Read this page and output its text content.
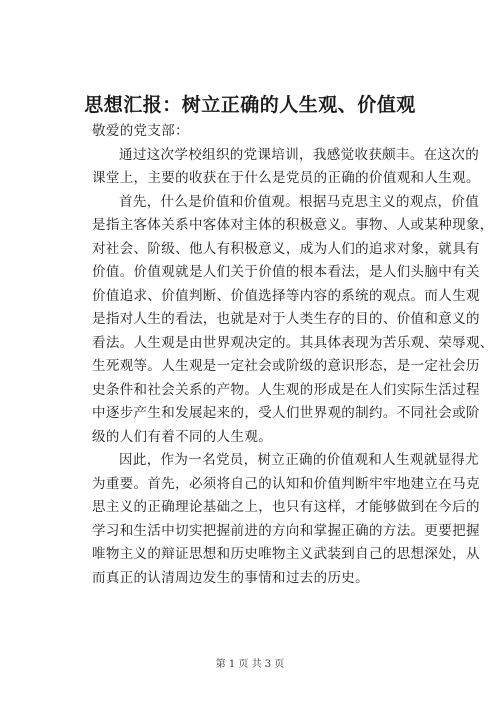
思想汇报：树立正确的人生观、价值观
敬爱的党支部：
通过这次学校组织的党课培训，我感觉收获颇丰。在这次的
课堂上，主要的收获在于什么是党员的正确的价值观和人生观。
首先，什么是价值和价值观。根据马克思主义的观点，价值
是指主客体关系中客体对主体的积极意义。事物、人或某种现象，
对社会、阶级、他人有积极意义，成为人们的追求对象，就具有
价值。价值观就是人们关于价值的根本看法，是人们头脑中有关
价值追求、价值判断、价值选择等内容的系统的观点。而人生观
是指对人生的看法，也就是对于人类生存的目的、价值和意义的
看法。人生观是由世界观决定的。其具体表现为苦乐观、荣辱观、
生死观等。人生观是一定社会或阶级的意识形态，是一定社会历
史条件和社会关系的产物。人生观的形成是在人们实际生活过程
中逐步产生和发展起来的，受人们世界观的制约。不同社会或阶
级的人们有着不同的人生观。
因此，作为一名党员，树立正确的价值观和人生观就显得尤
为重要。首先，必须将自己的认知和价值判断牢牢地建立在马克
思主义的正确理论基础之上，也只有这样，才能够做到在今后的
学习和生活中切实把握前进的方向和掌握正确的方法。更要把握
唯物主义的辩证思想和历史唯物主义武装到自己的思想深处，从
而真正的认清周边发生的事情和过去的历史。
第 1 页 共 3 页
